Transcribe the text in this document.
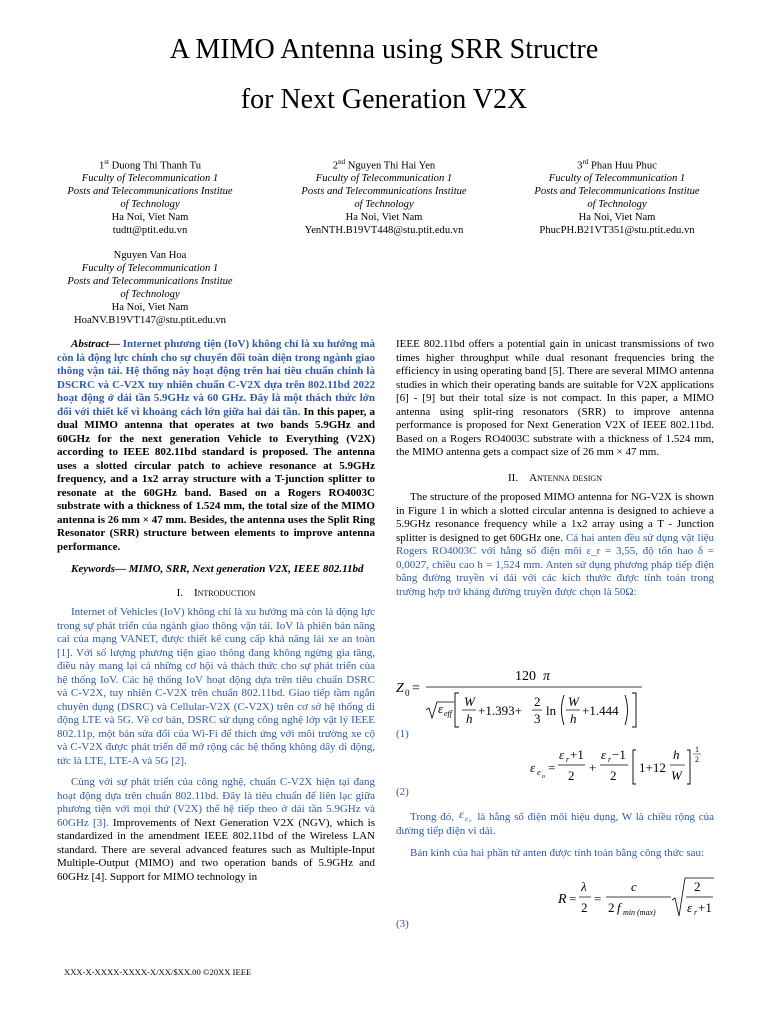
A MIMO Antenna using SRR Structre
for Next Generation V2X
1st Duong Thi Thanh Tu
Fuculty of Telecommunication 1
Posts and Telecommunications Institue
of Technology
Ha Noi, Viet Nam
tudtt@ptit.edu.vn
2nd Nguyen Thi Hai Yen
Fuculty of Telecommunication 1
Posts and Telecommunications Institue
of Technology
Ha Noi, Viet Nam
YenNTH.B19VT448@stu.ptit.edu.vn
3rd Phan Huu Phuc
Fuculty of Telecommunication 1
Posts and Telecommunications Institue
of Technology
Ha Noi, Viet Nam
PhucPH.B21VT351@stu.ptit.edu.vn
Nguyen Van Hoa
Fuculty of Telecommunication 1
Posts and Telecommunications Institue
of Technology
Ha Noi, Viet Nam
HoaNV.B19VT147@stu.ptit.edu.vn

Abstract— Internet phương tiện (IoV) không chỉ là xu hướng mà còn là động lực chính cho sự chuyển đổi toàn diện trong ngành giao thông vận tải. Hệ thống này hoạt động trên hai tiêu chuẩn chính là DSCRC và C-V2X tuy nhiên chuẩn C-V2X dựa trên 802.11bd 2022 hoạt động ở dải tần 5.9GHz và 60 GHz. Đây là một thách thức lớn đối với thiết kế vì khoảng cách lớn giữa hai dải tần. In this paper, a dual MIMO antenna that operates at two bands 5.9GHz and 60GHz for the next generation Vehicle to Everything (V2X) according to IEEE 802.11bd standard is proposed. The antenna uses a slotted circular patch to achieve resonance at 5.9GHz frequency, and a 1x2 array structure with a T-junction splitter to resonate at the 60GHz band. Based on a Rogers RO4003C substrate with a thickness of 1.524 mm, the total size of the MIMO antenna is 26 mm × 47 mm. Besides, the antenna uses the Split Ring Resonator (SRR) structure between elements to improve antenna performance.

Keywords— MIMO, SRR, Next generation V2X, IEEE 802.11bd

I. Introduction

Internet of Vehicles (IoV) không chỉ là xu hướng mà còn là động lực trong sự phát triển của ngành giao thông vận tải. IoV là phiên bản nâng cai của mạng VANET, được thiết kế cung cấp khả năng lái xe an toàn [1]. Với số lượng phương tiện giao thông đang không ngừng gia tăng, điều này mang lại cả những cơ hội và thách thức cho sự phát triển của hệ thống IoV. Các hệ thống IoV hoạt động dựa trên tiêu chuẩn DSRC và C-V2X, tuy nhiên C-V2X trên chuẩn 802.11bd. Giao tiếp tầm ngắn chuyên dụng (DSRC) và Cellular-V2X (C-V2X) trên cơ sở hệ thống di động LTE và 5G. Về cơ bản, DSRC sử dụng công nghệ lớp vật lý IEEE 802.11p, một bản sửa đổi của Wi-Fi để thích ứng với môi trường xe cộ và C-V2X được phát triển để mở rộng các hệ thống không dây di động, tức là LTE, LTE-A và 5G [2].

Cùng với sự phát triển của công nghệ, chuẩn C-V2X hiện tại đang hoạt động dựa trên chuẩn 802.11bd. Đây là tiêu chuẩn để liên lạc giữa phương tiện với mọi thứ (V2X) thế hệ tiếp theo ở dải tần 5.9GHz và 60GHz [3]. Improvements of Next Generation V2X (NGV), which is standardized in the amendment IEEE 802.11bd of the Wireless LAN standard. There are several advanced features such as Multiple-Input Multiple-Output (MIMO) and two operation bands of 5.9GHz and 60GHz [4]. Support for MIMO technology in

IEEE 802.11bd offers a potential gain in unicast transmissions of two times higher throughput while dual resonant frequencies bring the efficiency in using operating band [5]. There are several MIMO antenna studies in which their operating bands are suitable for V2X applications [6] - [9] but their total size is not compact. In this paper, a MIMO antenna using split-ring resonators (SRR) to improve antenna performance is proposed for Next Generation V2X of IEEE 802.11bd. Based on a Rogers RO4003C substrate with a thickness of 1.524 mm, the MIMO antenna gets a compact size of 26 mm × 47 mm.

II. Antenna design

The structure of the proposed MIMO antenna for NG-V2X is shown in Figure 1 in which a slotted circular antenna is designed to achieve a 5.9GHz resonance frequency while a 1x2 array using a T - Junction splitter is designed to get 60GHz one. Cả hai anten đều sử dụng vật liệu Rogers RO4003C với hằng số điện môi ε_r = 3,55, độ tổn hao δ = 0,0027, chiều cao h = 1,524 mm. Anten sử dụng phương pháp tiếp điện bằng đường truyền vi dải với các kích thước được tính toán trong trường hợp trở kháng đường truyền được chọn là 50Ω:

Z 0 =
120 π
ε eff
W
h
+1.393+
2
3
ln
W
h
+1.444
(1)
ε e o
=
ε r +1
2
+
ε r −1
2
1+12
h
W
1
2
(2)

Trong đó, ε e o là hằng số điện môi hiệu dụng, W là chiều rộng của đường tiếp điện vi dải.

Bán kính của hai phần tử anten được tính toán bằng công thức sau:

R =
λ
2
=
c
2 f min (max)
2
ε r +1
(3)
XXX-X-XXXX-XXXX-X/XX/$XX.00 ©20XX IEEE
